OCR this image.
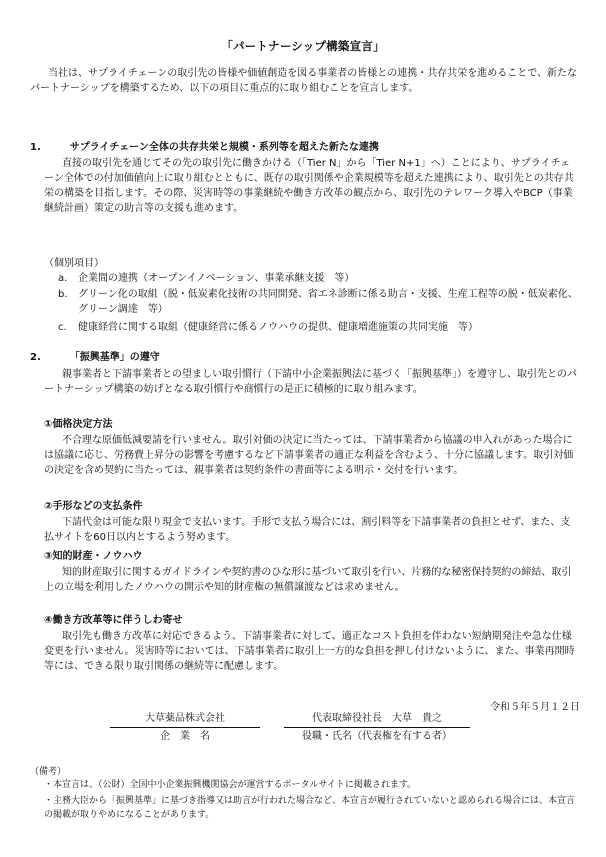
「パートナーシップ構築宣言」

当社は、サプライチェーンの取引先の皆様や価値創造を図る事業者の皆様との連携・共存共栄を進めることで、新たなパートナーシップを構築するため、以下の項目に重点的に取り組むことを宣言します。

1.	サプライチェーン全体の共存共栄と規模・系列等を超えた新たな連携

直接の取引先を通じてその先の取引先に働きかける（「Tier N」から「Tier N+1」へ）ことにより、サプライチェーン全体での付加価値向上に取り組むとともに、既存の取引関係や企業規模等を超えた連携により、取引先との共存共栄の構築を目指します。その際、災害時等の事業継続や働き方改革の観点から、取引先のテレワーク導入やBCP（事業継続計画）策定の助言等の支援も進めます。

（個別項目）
a.	企業間の連携（オープンイノベーション、事業承継支援　等）
b.	グリーン化の取組（脱・低炭素化技術の共同開発、省エネ診断に係る助言・支援、生産工程等の脱・低炭素化、グリーン調達　等）
c.	健康経営に関する取組（健康経営に係るノウハウの提供、健康増進施策の共同実施　等）
2.	「振興基準」の遵守

親事業者と下請事業者との望ましい取引慣行（下請中小企業振興法に基づく「振興基準」）を遵守し、取引先とのパートナーシップ構築の妨げとなる取引慣行や商慣行の是正に積極的に取り組みます。

①価格決定方法

不合理な原価低減要請を行いません。取引対価の決定に当たっては、下請事業者から協議の申入れがあった場合には協議に応じ、労務費上昇分の影響を考慮するなど下請事業者の適正な利益を含むよう、十分に協議します。取引対価の決定を含め契約に当たっては、親事業者は契約条件の書面等による明示・交付を行います。

②手形などの支払条件

下請代金は可能な限り現金で支払います。手形で支払う場合には、割引料等を下請事業者の負担とせず、また、支払サイトを60日以内とするよう努めます。

③知的財産・ノウハウ

知的財産取引に関するガイドラインや契約書のひな形に基づいて取引を行い、片務的な秘密保持契約の締結、取引上の立場を利用したノウハウの開示や知的財産権の無償譲渡などは求めません。

④働き方改革等に伴うしわ寄せ

取引先も働き方改革に対応できるよう、下請事業者に対して、適正なコスト負担を伴わない短納期発注や急な仕様変更を行いません。災害時等においては、下請事業者に取引上一方的な負担を押し付けないように、また、事業再開時等には、できる限り取引関係の継続等に配慮します。

令和５年５月１２日
大草薬品株式会社
企　業　名
代表取締役社長　大草　貴之
役職・氏名（代表権を有する者）
（備考）

・本宣言は、（公財）全国中小企業振興機関協会が運営するポータルサイトに掲載されます。

・主務大臣から「振興基準」に基づき指導又は助言が行われた場合など、本宣言が履行されていないと認められる場合には、本宣言の掲載が取りやめになることがあります。
